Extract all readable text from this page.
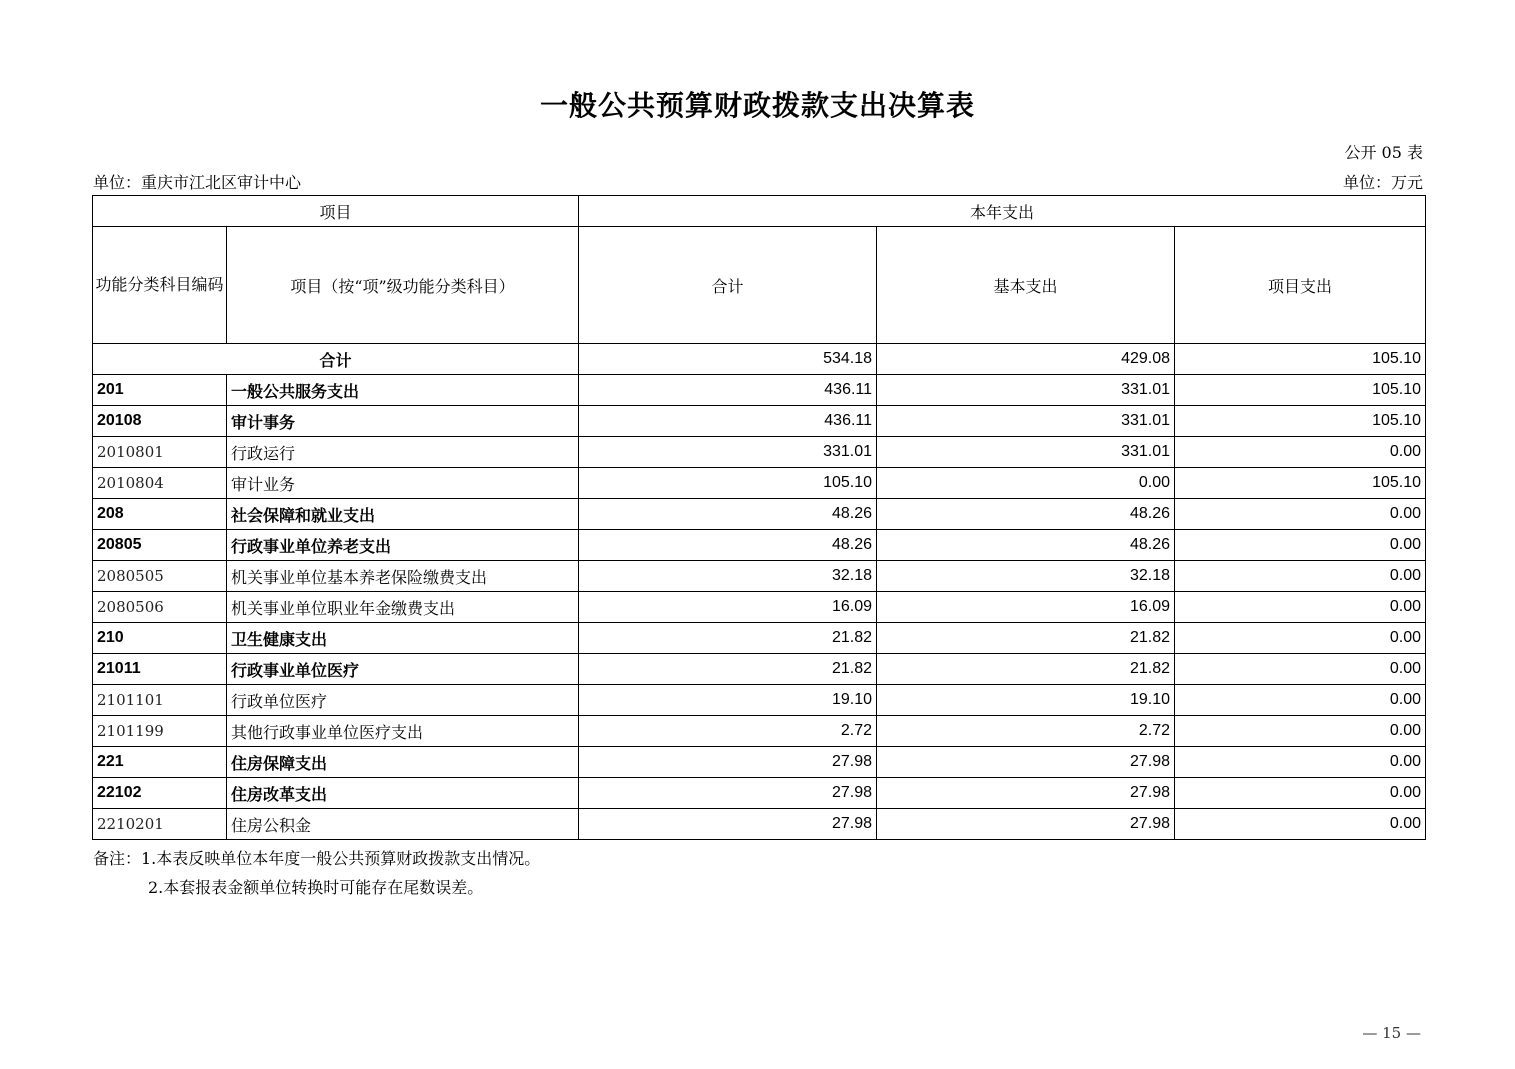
一般公共预算财政拨款支出决算表
公开 05 表
单位：重庆市江北区审计中心	单位：万元
项目		本年支出		
功能分类科目编码	项目（按“项”级功能分类科目）	合计	基本支出	项目支出
合计		534.18	429.08	105.10
201	一般公共服务支出	436.11	331.01	105.10
20108	审计事务	436.11	331.01	105.10
2010801	行政运行	331.01	331.01	0.00
2010804	审计业务	105.10	0.00	105.10
208	社会保障和就业支出	48.26	48.26	0.00
20805	行政事业单位养老支出	48.26	48.26	0.00
2080505	机关事业单位基本养老保险缴费支出	32.18	32.18	0.00
2080506	机关事业单位职业年金缴费支出	16.09	16.09	0.00
210	卫生健康支出	21.82	21.82	0.00
21011	行政事业单位医疗	21.82	21.82	0.00
2101101	行政单位医疗	19.10	19.10	0.00
2101199	其他行政事业单位医疗支出	2.72	2.72	0.00
221	住房保障支出	27.98	27.98	0.00
22102	住房改革支出	27.98	27.98	0.00
2210201	住房公积金	27.98	27.98	0.00
备注：1.本表反映单位本年度一般公共预算财政拨款支出情况。
2.本套报表金额单位转换时可能存在尾数误差。
— 15 —
